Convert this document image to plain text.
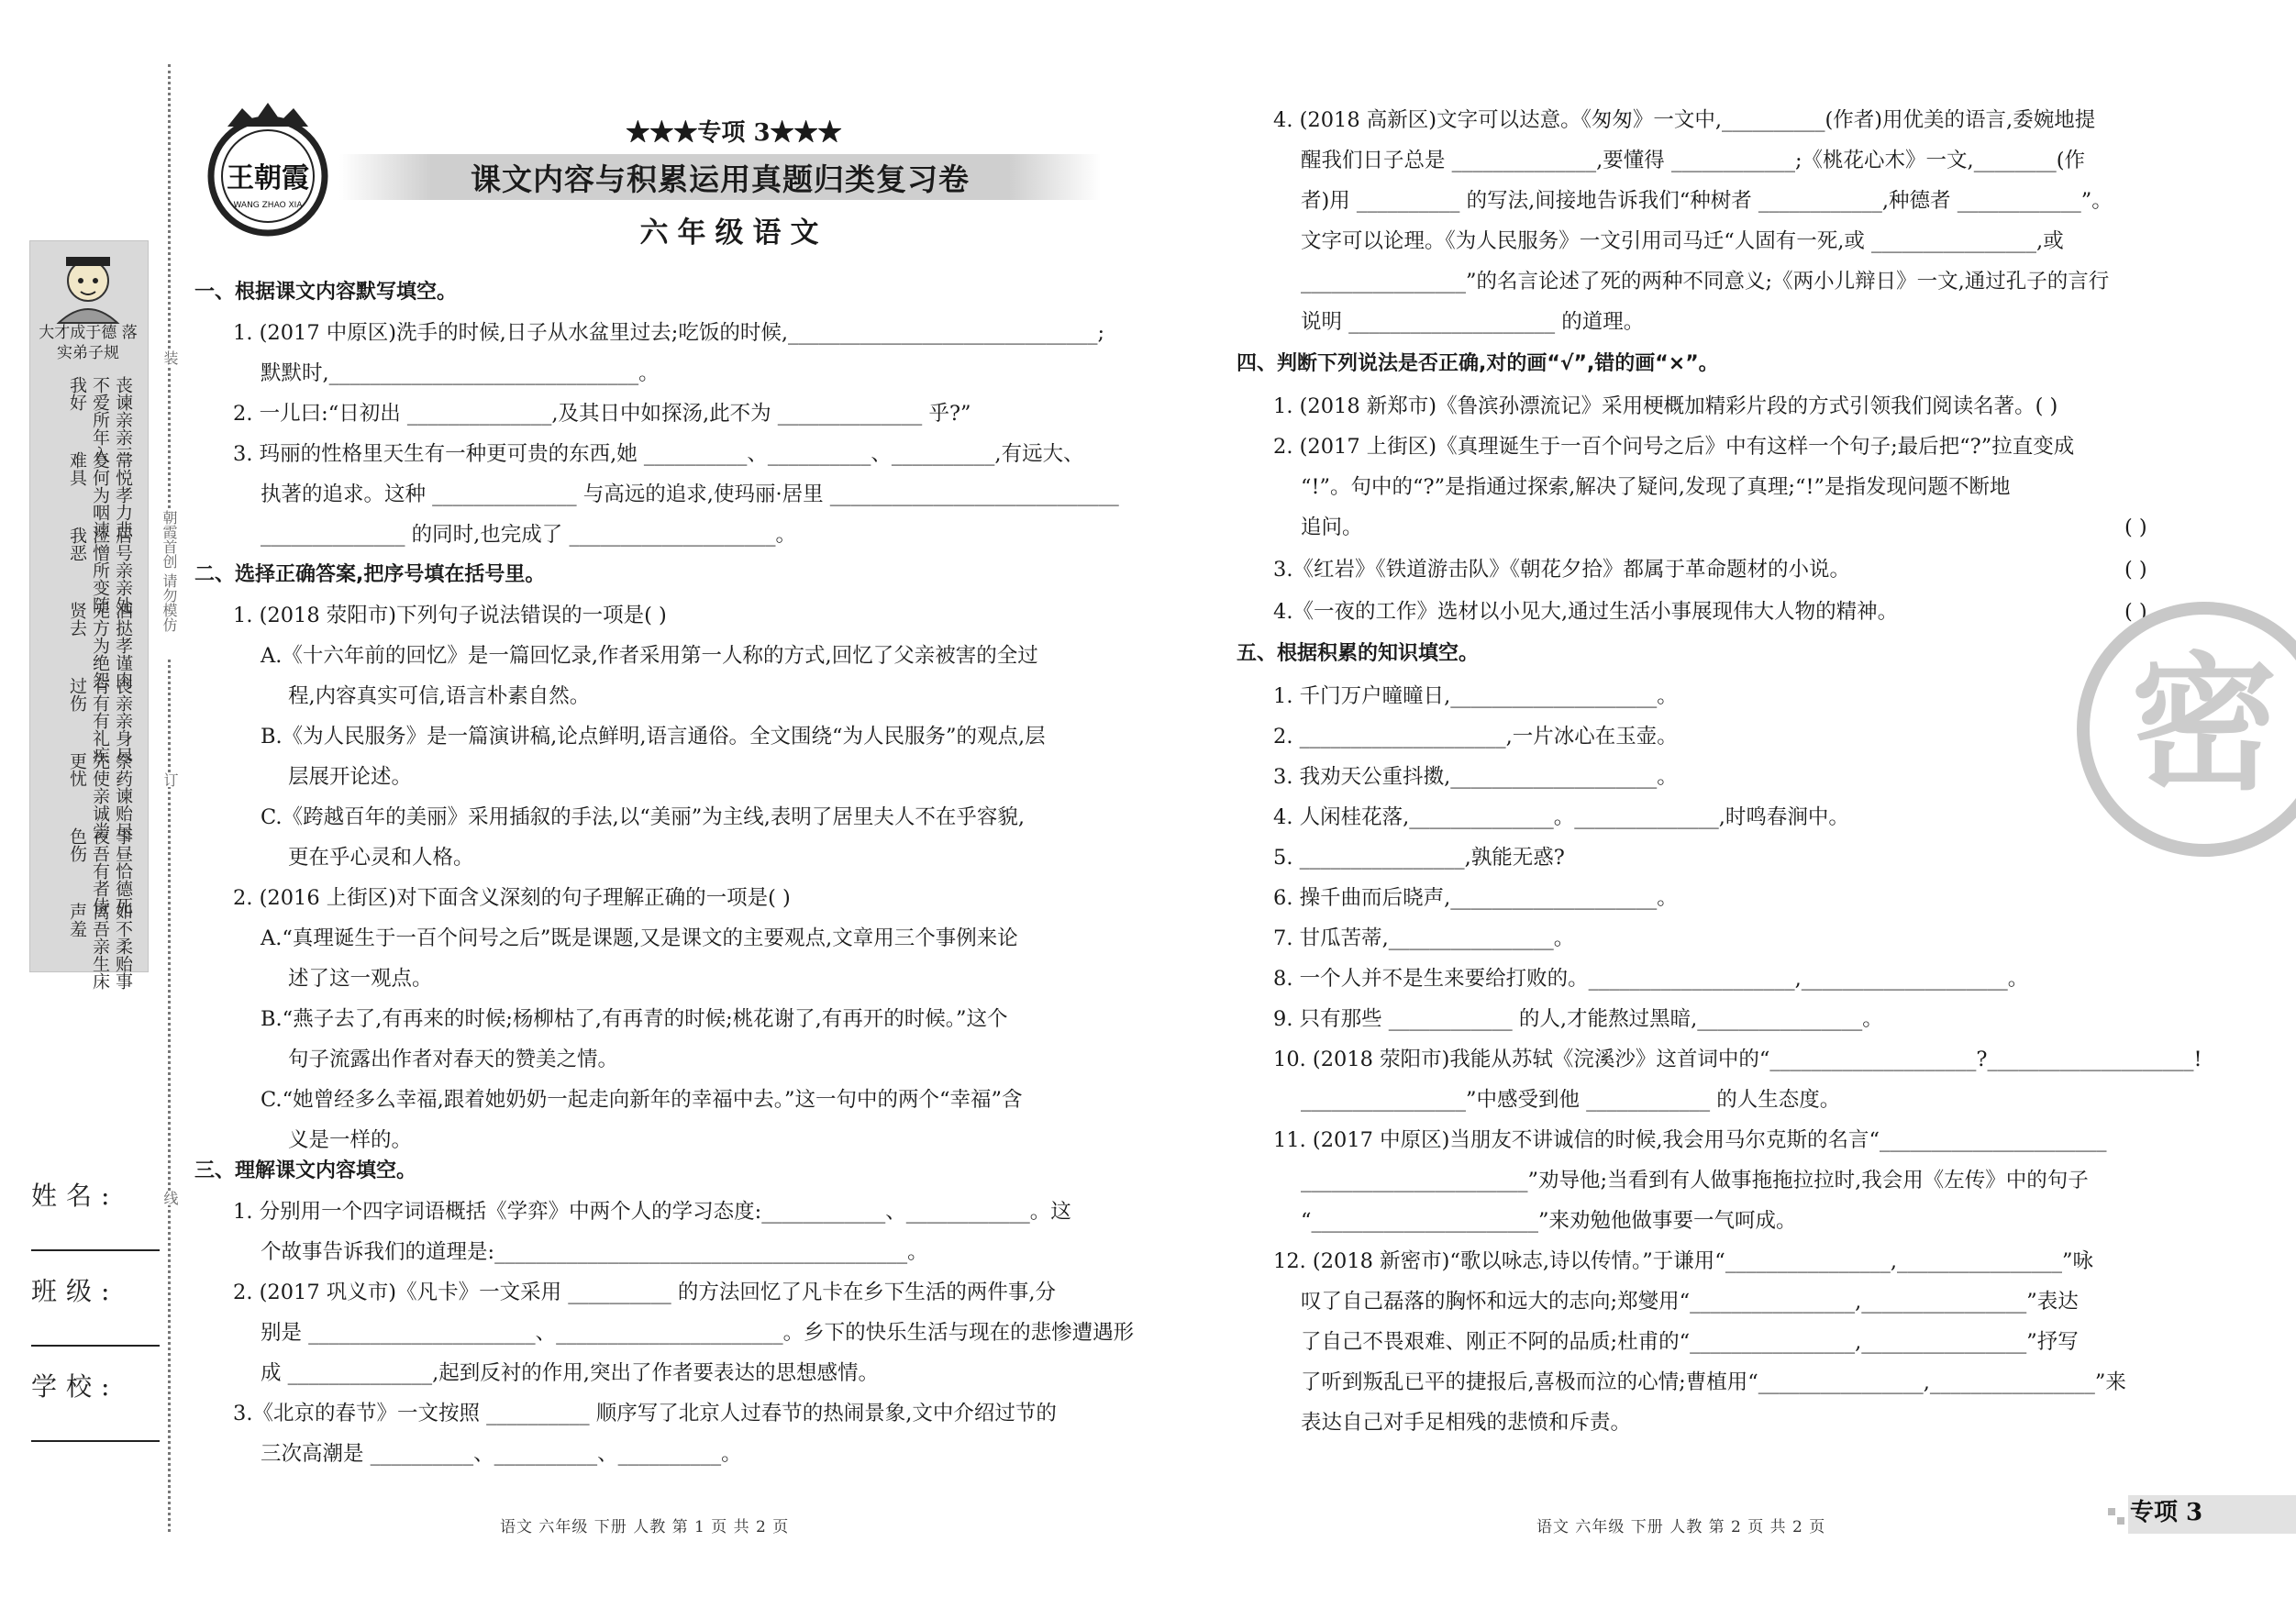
大才成于德 落实弟子规
丧谏亲亲三不爱所年入我好
常悦孝力悲复何为咽谏难具
居号亲亲处泣憎所变随我恶
酒挞孝谨肉无方为绝怨贤去
丧亲亲身尽有有有礼疾过伤
祭药谏贻尽先使亲诚尝更忧
事昼恰德死夜吾有者侍色伤
如不柔贻事离吾亲生床声羞
装
朝霞首创 请勿模仿
订
线
姓名:
班级:
学校:
王朝霞
WANG ZHAO XIA
★★★专项 3★★★
课文内容与积累运用真题归类复习卷
六年级语文
一、根据课文内容默写填空。
1. (2017 中原区)洗手的时候,日子从水盆里过去;吃饭的时候,______________________________;
默默时,______________________________。
2. 一儿曰:“日初出 ______________,及其日中如探汤,此不为 ______________ 乎?”
3. 玛丽的性格里天生有一种更可贵的东西,她 __________、__________、__________,有远大、
执著的追求。这种 ______________ 与高远的追求,使玛丽·居里 ____________________________
______________ 的同时,也完成了 ____________________。
二、选择正确答案,把序号填在括号里。
1. (2018 荥阳市)下列句子说法错误的一项是( )
A.《十六年前的回忆》是一篇回忆录,作者采用第一人称的方式,回忆了父亲被害的全过
程,内容真实可信,语言朴素自然。
B.《为人民服务》是一篇演讲稿,论点鲜明,语言通俗。全文围绕“为人民服务”的观点,层
层展开论述。
C.《跨越百年的美丽》采用插叙的手法,以“美丽”为主线,表明了居里夫人不在乎容貌,
更在乎心灵和人格。
2. (2016 上街区)对下面含义深刻的句子理解正确的一项是( )
A.“真理诞生于一百个问号之后”既是课题,又是课文的主要观点,文章用三个事例来论
述了这一观点。
B.“燕子去了,有再来的时候;杨柳枯了,有再青的时候;桃花谢了,有再开的时候。”这个
句子流露出作者对春天的赞美之情。
C.“她曾经多么幸福,跟着她奶奶一起走向新年的幸福中去。”这一句中的两个“幸福”含
义是一样的。
三、理解课文内容填空。
1. 分别用一个四字词语概括《学弈》中两个人的学习态度:____________、____________。这
个故事告诉我们的道理是:________________________________________。
2. (2017 巩义市)《凡卡》一文采用 __________ 的方法回忆了凡卡在乡下生活的两件事,分
别是 ______________________、______________________。乡下的快乐生活与现在的悲惨遭遇形
成 ______________,起到反衬的作用,突出了作者要表达的思想感情。
3.《北京的春节》一文按照 __________ 顺序写了北京人过春节的热闹景象,文中介绍过节的
三次高潮是 __________、__________、__________。
语文 六年级 下册 人教 第 1 页 共 2 页
4. (2018 高新区)文字可以达意。《匆匆》一文中,__________(作者)用优美的语言,委婉地提
醒我们日子总是 ______________,要懂得 ____________;《桃花心木》一文,________(作
者)用 __________ 的写法,间接地告诉我们“种树者 ____________,种德者 ____________”。
文字可以论理。《为人民服务》一文引用司马迁“人固有一死,或 ________________,或
________________”的名言论述了死的两种不同意义;《两小儿辩日》一文,通过孔子的言行
说明 ____________________ 的道理。
四、判断下列说法是否正确,对的画“√”,错的画“×”。
1. (2018 新郑市)《鲁滨孙漂流记》采用梗概加精彩片段的方式引领我们阅读名著。( )
2. (2017 上街区)《真理诞生于一百个问号之后》中有这样一个句子;最后把“?”拉直变成
“!”。句中的“?”是指通过探索,解决了疑问,发现了真理;“!”是指发现问题不断地
追问。	( )
3.《红岩》《铁道游击队》《朝花夕拾》都属于革命题材的小说。	( )
4.《一夜的工作》选材以小见大,通过生活小事展现伟大人物的精神。	( )
五、根据积累的知识填空。
1. 千门万户曈曈日,____________________。
2. ____________________,一片冰心在玉壶。
3. 我劝天公重抖擞,____________________。
4. 人闲桂花落,______________。______________,时鸣春涧中。
5. ________________,孰能无惑?
6. 操千曲而后晓声,____________________。
7. 甘瓜苦蒂,________________。
8. 一个人并不是生来要给打败的。____________________,____________________。
9. 只有那些 ____________ 的人,才能熬过黑暗,________________。
10. (2018 荥阳市)我能从苏轼《浣溪沙》这首词中的“____________________?____________________!
________________”中感受到他 ____________ 的人生态度。
11. (2017 中原区)当朋友不讲诚信的时候,我会用马尔克斯的名言“______________________
______________________”劝导他;当看到有人做事拖拖拉拉时,我会用《左传》中的句子
“______________________”来劝勉他做事要一气呵成。
12. (2018 新密市)“歌以咏志,诗以传情。”于谦用“________________,________________”咏
叹了自己磊落的胸怀和远大的志向;郑燮用“________________,________________”表达
了自己不畏艰难、刚正不阿的品质;杜甫的“________________,________________”抒写
了听到叛乱已平的捷报后,喜极而泣的心情;曹植用“________________,________________”来
表达自己对手足相残的悲愤和斥责。
语文 六年级 下册 人教 第 2 页 共 2 页
密
专项 3
